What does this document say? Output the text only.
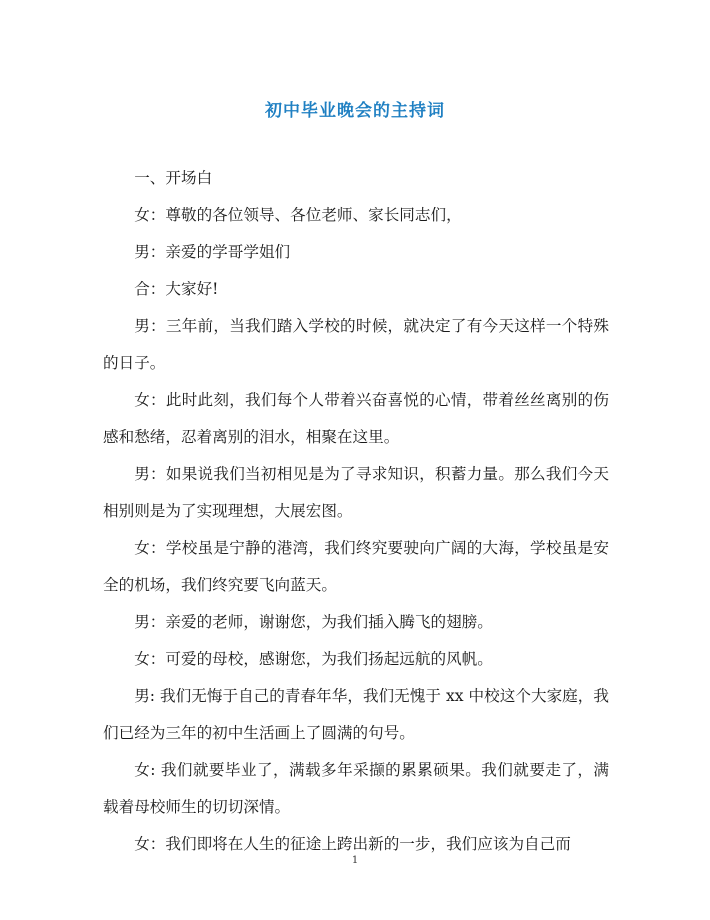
初中毕业晚会的主持词

一、开场白

女：尊敬的各位领导、各位老师、家长同志们，

男：亲爱的学哥学姐们

合：大家好!

男：三年前，当我们踏入学校的时候，就决定了有今天这样一个特殊的日子。

女：此时此刻，我们每个人带着兴奋喜悦的心情，带着丝丝离别的伤感和愁绪，忍着离别的泪水，相聚在这里。

男：如果说我们当初相见是为了寻求知识，积蓄力量。那么我们今天相别则是为了实现理想，大展宏图。

女：学校虽是宁静的港湾，我们终究要驶向广阔的大海，学校虽是安全的机场，我们终究要飞向蓝天。

男：亲爱的老师，谢谢您，为我们插入腾飞的翅膀。

女：可爱的母校，感谢您，为我们扬起远航的风帆。

男: 我们无悔于自己的青春年华，我们无愧于 xx 中校这个大家庭，我们已经为三年的初中生活画上了圆满的句号。

女: 我们就要毕业了，满载多年采撷的累累硕果。我们就要走了，满载着母校师生的切切深情。

女：我们即将在人生的征途上跨出新的一步，我们应该为自己而

1
